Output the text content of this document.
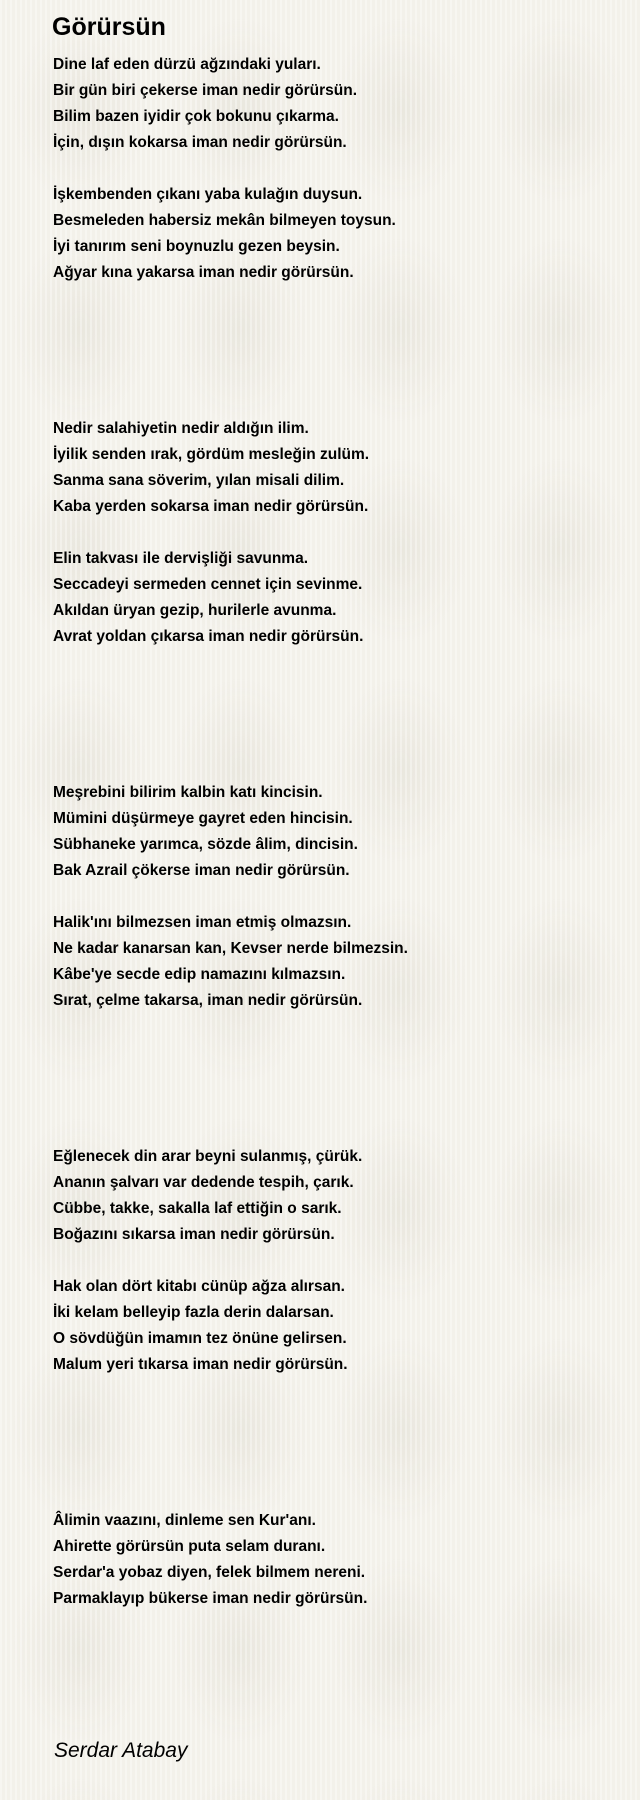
Görürsün
Dine laf eden dürzü ağzındaki yuları.
Bir gün biri çekerse iman nedir görürsün.
Bilim bazen iyidir çok bokunu çıkarma.
İçin, dışın kokarsa iman nedir görürsün.
İşkembenden çıkanı yaba kulağın duysun.
Besmeleden habersiz mekân bilmeyen toysun.
İyi tanırım seni boynuzlu gezen beysin.
Ağyar kına yakarsa iman nedir görürsün.
Nedir salahiyetin nedir aldığın ilim.
İyilik senden ırak, gördüm mesleğin zulüm.
Sanma sana söverim, yılan misali dilim.
Kaba yerden sokarsa iman nedir görürsün.
Elin takvası ile dervişliği savunma.
Seccadeyi sermeden cennet için sevinme.
Akıldan üryan gezip, hurilerle avunma.
Avrat yoldan çıkarsa iman nedir görürsün.
Meşrebini bilirim kalbin katı kincisin.
Mümini düşürmeye gayret eden hincisin.
Sübhaneke yarımca, sözde âlim, dincisin.
Bak Azrail çökerse iman nedir görürsün.
Halik'ını bilmezsen iman etmiş olmazsın.
Ne kadar kanarsan kan, Kevser nerde bilmezsin.
Kâbe'ye secde edip namazını kılmazsın.
Sırat, çelme takarsa, iman nedir görürsün.
Eğlenecek din arar beyni sulanmış, çürük.
Ananın şalvarı var dedende tespih, çarık.
Cübbe, takke, sakalla laf ettiğin o sarık.
Boğazını sıkarsa iman nedir görürsün.
Hak olan dört kitabı cünüp ağza alırsan.
İki kelam belleyip fazla derin dalarsan.
O sövdüğün imamın tez önüne gelirsen.
Malum yeri tıkarsa iman nedir görürsün.
Âlimin vaazını, dinleme sen Kur'anı.
Ahirette görürsün puta selam duranı.
Serdar'a yobaz diyen, felek bilmem nereni.
Parmaklayıp bükerse iman nedir görürsün.
Serdar Atabay
